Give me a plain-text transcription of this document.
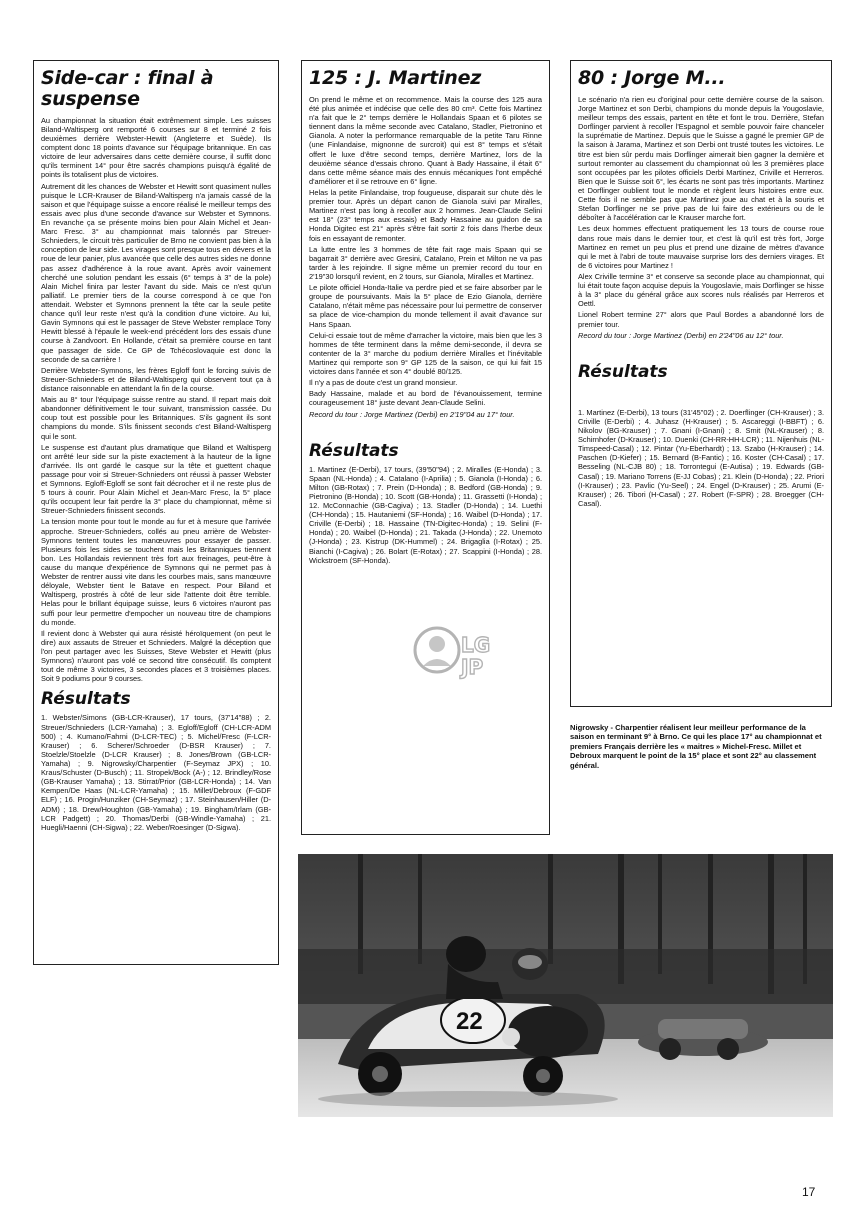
Side-car : final à suspense

Au championnat la situation était extrêmement simple. Les suisses Biland-Waltisperg ont remporté 6 courses sur 8 et terminé 2 fois deuxièmes derrière Webster-Hewitt (Angleterre et Suède). Ils comptent donc 18 points d'avance sur l'équipage britannique. En cas victoire de leur adversaires dans cette dernière course, il suffit donc qu'ils terminent 14° pour être sacrés champions puisqu'à égalité de points ils totalisent plus de victoires.

Autrement dit les chances de Webster et Hewitt sont quasiment nulles puisque le LCR-Krauser de Biland-Waltisperg n'a jamais cassé de la saison et que l'équipage suisse a encore réalisé le meilleur temps des essais avec plus d'une seconde d'avance sur Webster et Symnons. En revanche ça se présente moins bien pour Alain Michel et Jean-Marc Fresc. 3° au championnat mais talonnés par Streuer-Schnieders, le circuit très particulier de Brno ne convient pas bien à la conception de leur side. Les virages sont presque tous en dévers et la roue de leur panier, plus avancée que celle des autres sides ne donne pas assez d'adhérence à la roue avant. Après avoir vainement cherché une solution pendant les essais (6° temps à 3" de la pole) Alain Michel finira par lester l'avant du side. Mais ce n'est qu'un palliatif. Le premier tiers de la course correspond à ce que l'on attendait. Webster et Symnons prennent la tête car la seule petite chance qu'il leur reste n'est qu'à la condition d'une victoire. Au lui, Gavin Symnons qui est le passager de Steve Webster remplace Tony Hewitt blessé à l'épaule le week-end précédent lors des essais d'une course à Zandvoort. En Hollande, c'était sa première course en tant que passager de side. Ce GP de Tchécoslovaquie est donc la seconde de sa carrière !

Derrière Webster-Symnons, les frères Egloff font le forcing suivis de Streuer-Schnieders et de Biland-Waltisperg qui observent tout ça à distance raisonnable en attendant la fin de la course.

Mais au 8° tour l'équipage suisse rentre au stand. Il repart mais doit abandonner définitivement le tour suivant, transmission cassée. Du coup tout est possible pour les Britanniques. S'ils gagnent ils sont champions du monde. S'ils finissent seconds c'est Biland-Waltisperg qui le sont.

Le suspense est d'autant plus dramatique que Biland et Waltisperg ont arrêté leur side sur la piste exactement à la hauteur de la ligne d'arrivée. Ils ont gardé le casque sur la tête et guettent chaque passage pour voir si Streuer-Schnieders ont réussi à passer Webster et Symnons. Egloff-Egloff se sont fait décrocher et il ne reste plus de 5 tours à courir. Pour Alain Michel et Jean-Marc Fresc, la 5° place qu'ils occupent leur fait perdre la 3° place du championnat, même si Streuer-Schnieders finissent seconds.

La tension monte pour tout le monde au fur et à mesure que l'arrivée approche. Streuer-Schnieders, collés au pneu arrière de Webster-Symnons tentent toutes les manœuvres pour essayer de passer. Plusieurs fois les sides se touchent mais les Britanniques tiennent bon. Les Hollandais reviennent très fort aux freinages, peut-être à cause du manque d'expérience de Symnons qui ne permet pas à Webster de rentrer aussi vite dans les courbes mais, sans manœuvre déloyale, Webster tient le Batave en respect. Pour Biland et Waltisperg, prostrés à côté de leur side l'attente doit être terrible. Helas pour le brillant équipage suisse, leurs 6 victoires n'auront pas suffi pour leur permettre d'empocher un nouveau titre de champions du monde.

Il revient donc à Webster qui aura résisté héroïquement (on peut le dire) aux assauts de Streuer et Schnieders. Malgré la déception que l'on peut partager avec les Suisses, Steve Webster et Hewitt (plus Symnons) n'auront pas volé ce second titre consécutif. Ils comptent tout de même 3 victoires, 3 secondes places et 3 troisièmes places. Soit 9 podiums pour 9 courses.

Résultats
1. Webster/Simons (GB-LCR-Krauser), 17 tours, (37'14"88) ; 2. Streuer/Schnieders (LCR-Yamaha) ; 3. Egloff/Egloff (CH-LCR-ADM 500) ; 4. Kumano/Fahrni (D-LCR-TEC) ; 5. Michel/Fresc (F-LCR-Krauser) ; 6. Scherer/Schroeder (D-BSR Krauser) ; 7. Stoelzle/Stoelzle (D-LCR Krauser) ; 8. Jones/Brown (GB-LCR-Yamaha) ; 9. Nigrowsky/Charpentier (F-Seymaz JPX) ; 10. Kraus/Schuster (D-Busch) ; 11. Stropek/Bock (A-) ; 12. Brindley/Rose (GB-Krauser Yamaha) ; 13. Stirrat/Prior (GB-LCR-Honda) ; 14. Van Kempen/De Haas (NL-LCR-Yamaha) ; 15. Millet/Debroux (F-GDF ELF) ; 16. Progin/Hunziker (CH-Seymaz) ; 17. Steinhausen/Hiller (D-ADM) ; 18. Drew/Houghton (GB-Yamaha) ; 19. Bingham/Irlam (GB-LCR Padgett) ; 20. Thomas/Derbi (GB-Windle-Yamaha) ; 21. Huegli/Haenni (CH-Sigwa) ; 22. Weber/Roesinger (D-Sigwa).
125 : J. Martinez

On prend le même et on recommence. Mais la course des 125 aura été plus animée et indécise que celle des 80 cm³. Cette fois Martinez n'a fait que le 2° temps derrière le Hollandais Spaan et 6 pilotes se tiennent dans la même seconde avec Catalano, Stadler, Pietronino et Gianola. A noter la performance remarquable de la petite Taru Rinne (une Finlandaise, mignonne de surcroit) qui est 8° temps et s'était offert le luxe d'être second temps, derrière Martinez, lors de la deuxième séance d'essais chrono. Quant à Bady Hassaine, il était 6° dans cette même séance mais des ennuis mécaniques l'ont empêché d'améliorer et il se retrouve en 6° ligne.

Helas la petite Finlandaise, trop fougueuse, disparait sur chute dès le premier tour. Après un départ canon de Gianola suivi par Miralles, Martinez n'est pas long à recoller aux 2 hommes. Jean-Claude Selini est 18° (23° temps aux essais) et Bady Hassaine au guidon de sa Honda Digitec est 21° après s'être fait sortir 2 fois dans l'herbe deux fois en essayant de remonter.

La lutte entre les 3 hommes de tête fait rage mais Spaan qui se bagarrait 3° derrière avec Gresini, Catalano, Prein et Milton ne va pas tarder à les rejoindre. Il signe même un premier record du tour en 2'19"30 lorsqu'il revient, en 2 tours, sur Gianola, Miralles et Martinez.

Le pilote officiel Honda-Italie va perdre pied et se faire absorber par le groupe de poursuivants. Mais la 5° place de Ezio Gianola, derrière Catalano, n'était même pas nécessaire pour lui permettre de conserver sa place de vice-champion du monde tellement il avait d'avance sur Hans Spaan.

Celui-ci essaie tout de même d'arracher la victoire, mais bien que les 3 hommes de tête terminent dans la même demi-seconde, il devra se contenter de la 3° marche du podium derrière Miralles et l'inévitable Martinez qui remporte son 9° GP 125 de la saison, ce qui lui fait 15 victoires dans l'année et son 4° doublé 80/125.

Il n'y a pas de doute c'est un grand monsieur.

Bady Hassaine, malade et au bord de l'évanouissement, termine courageusement 18° juste devant Jean-Claude Selini.

Record du tour : Jorge Martinez (Derbi) en 2'19"04 au 17° tour.

Résultats
1. Martinez (E-Derbi), 17 tours, (39'50"94) ; 2. Miralles (E-Honda) ; 3. Spaan (NL-Honda) ; 4. Catalano (I-Aprilia) ; 5. Gianola (I-Honda) ; 6. Milton (GB-Rotax) ; 7. Prein (D-Honda) ; 8. Bedford (GB-Honda) ; 9. Pietronino (B-Honda) ; 10. Scott (GB-Honda) ; 11. Grassetti (I-Honda) ; 12. McConnachie (GB-Cagiva) ; 13. Stadler (D-Honda) ; 14. Luethi (CH-Honda) ; 15. Hautaniemi (SF-Honda) ; 16. Waibel (D-Honda) ; 17. Criville (E-Derbi) ; 18. Hassaine (TN-Digitec-Honda) ; 19. Selini (F-Honda) ; 20. Waibel (D-Honda) ; 21. Takada (J-Honda) ; 22. Unemoto (J-Honda) ; 23. Kistrup (DK-Hummel) ; 24. Brigaglia (I-Rotax) ; 25. Bianchi (I-Cagiva) ; 26. Bolart (E-Rotax) ; 27. Scappini (I-Honda) ; 28. Wickstroem (SF-Honda).
LG
JP
80 : Jorge M...

Le scénario n'a rien eu d'original pour cette dernière course de la saison. Jorge Martinez et son Derbi, champions du monde depuis la Yougoslavie, meilleur temps des essais, partent en tête et font le trou. Derrière, Stefan Dorflinger parvient à recoller l'Espagnol et semble pouvoir faire chanceler la suprématie de Martinez. Depuis que le Suisse a gagné le premier GP de la saison à Jarama, Martinez et son Derbi ont trusté toutes les victoires. Le titre est bien sûr perdu mais Dorflinger aimerait bien gagner la dernière et surtout remonter au classement du championnat où les 3 premières place sont occupées par les pilotes officiels Derbi Martinez, Criville et Herreros. Bien que le Suisse soit 6°, les écarts ne sont pas très importants. Martinez et Dorflinger oublient tout le monde et règlent leurs histoires entre eux. Cette fois il ne semble pas que Martinez joue au chat et à la souris et Stefan Dorflinger ne se prive pas de lui faire des extérieurs ou de le déboîter à l'accélération car le Krauser marche fort.

Les deux hommes effectuent pratiquement les 13 tours de course roue dans roue mais dans le dernier tour, et c'est là qu'il est très fort, Jorge Martinez en remet un peu plus et prend une dizaine de mètres d'avance qui le met à l'abri de toute mauvaise surprise lors des derniers virages. Et de 6 victoires pour Martinez !

Alex Criville termine 3° et conserve sa seconde place au championnat, qui lui était toute façon acquise depuis la Yougoslavie, mais Dorflinger se hisse à la 3° place du général grâce aux scores nuls réalisés par Herreros et Oettl.

Lionel Robert termine 27° alors que Paul Bordes a abandonné lors de premier tour.

Record du tour : Jorge Martinez (Derbi) en 2'24"06 au 12° tour.

Résultats
1. Martinez (E-Derbi), 13 tours (31'45"02) ; 2. Doerflinger (CH-Krauser) ; 3. Criville (E-Derbi) ; 4. Juhasz (H-Krauser) ; 5. Ascareggi (I-BBFT) ; 6. Nikolov (BG-Krauser) ; 7. Gnani (I-Gnani) ; 8. Smit (NL-Krauser) ; 8. Schirnhofer (D-Krauser) ; 10. Duenki (CH-RR-HH-LCR) ; 11. Nijenhuis (NL-Timspeed-Casal) ; 12. Pintar (Yu-Eberhardt) ; 13. Szabo (H-Krauser) ; 14. Paschen (D-Kiefer) ; 15. Bernard (B-Fantic) ; 16. Koster (CH-Casal) ; 17. Besseling (NL-CJB 80) ; 18. Torrontegui (E-Autisa) ; 19. Edwards (GB-Casal) ; 19. Mariano Torrens (E-JJ Cobas) ; 21. Klein (D-Honda) ; 22. Priori (I-Krauser) ; 23. Pavlic (Yu-Seel) ; 24. Engel (D-Krauser) ; 25. Arumi (E-Krauser) ; 26. Tibori (H-Casal) ; 27. Robert (F-SPR) ; 28. Broegger (CH-Casal).
Nigrowsky - Charpentier réalisent leur meilleur performance de la saison en terminant 9° à Brno. Ce qui les place 17° au championnat et premiers Français derrière les « maitres » Michel-Fresc. Millet et Debroux marquent le point de la 15° place et sont 22° au classement général.
22
17
